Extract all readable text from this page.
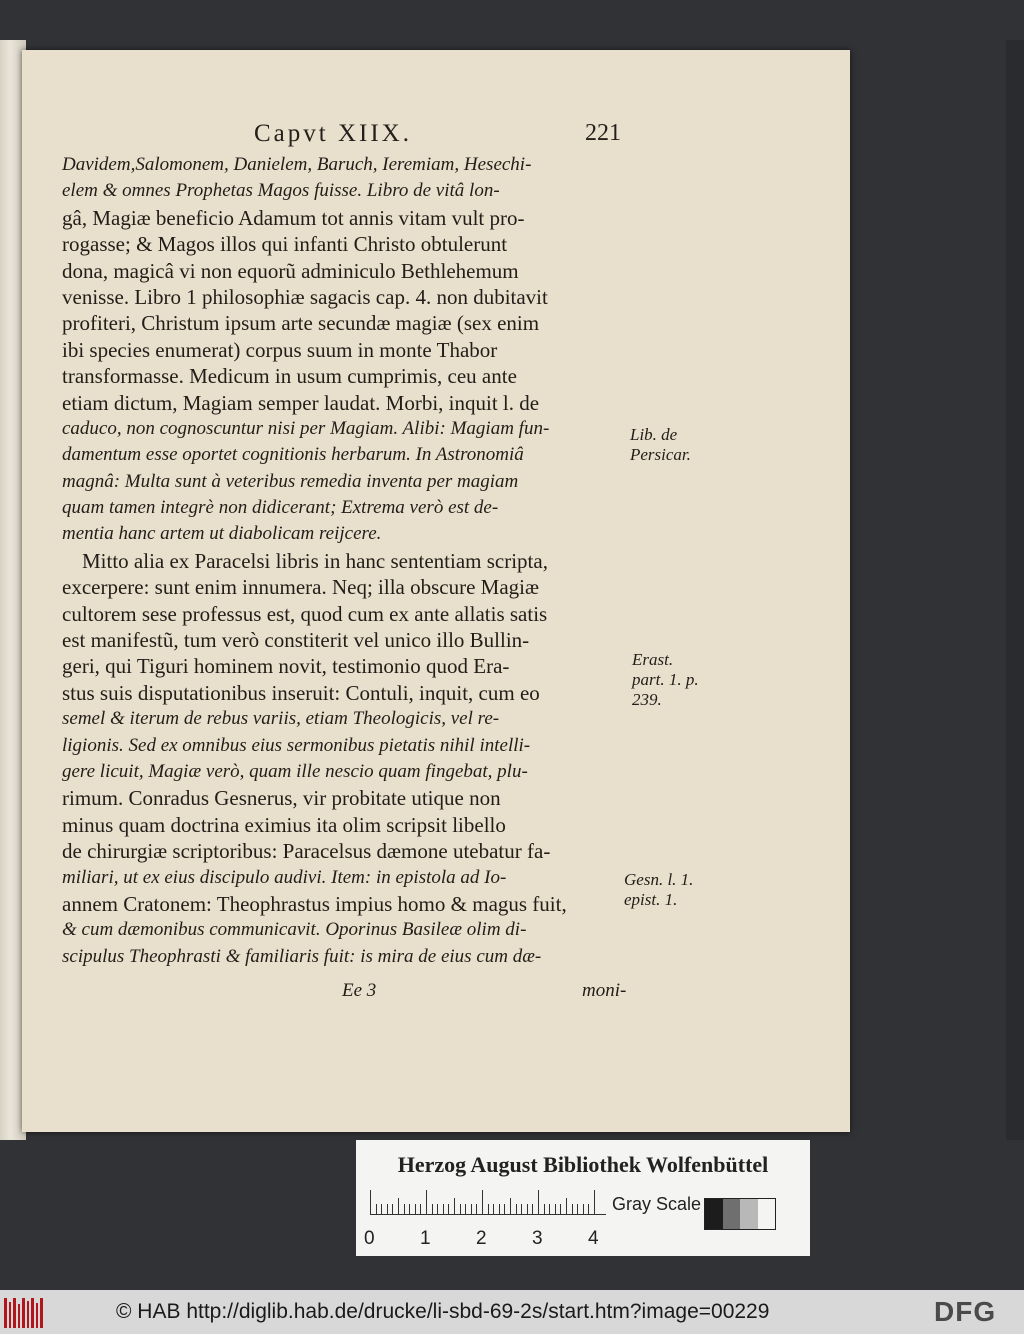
Capvt XIIX.	221
Davidem,Salomonem, Danielem, Baruch, Ieremiam, Hesechi-
elem & omnes Prophetas Magos fuisse. Libro de vitâ lon-
gâ, Magiæ beneficio Adamum tot annis vitam vult pro-
rogasse; & Magos illos qui infanti Christo obtulerunt
dona, magicâ vi non equorũ adminiculo Bethlehemum
venisse. Libro 1 philosophiæ sagacis cap. 4. non dubitavit
profiteri, Christum ipsum arte secundæ magiæ (sex enim
ibi species enumerat) corpus suum in monte Thabor
transformasse. Medicum in usum cumprimis, ceu ante
etiam dictum, Magiam semper laudat. Morbi, inquit l. de
caduco, non cognoscuntur nisi per Magiam. Alibi: Magiam fun-
damentum esse oportet cognitionis herbarum. In Astronomiâ
magnâ: Multa sunt à veteribus remedia inventa per magiam
quam tamen integrè non didicerant; Extrema verò est de-
mentia hanc artem ut diabolicam reijcere.
Mitto alia ex Paracelsi libris in hanc sententiam scripta,
excerpere: sunt enim innumera. Neq; illa obscure Magiæ
cultorem sese professus est, quod cum ex ante allatis satis
est manifestũ, tum verò constiterit vel unico illo Bullin-
geri, qui Tiguri hominem novit, testimonio quod Era-
stus suis disputationibus inseruit: Contuli, inquit, cum eo
semel & iterum de rebus variis, etiam Theologicis, vel re-
ligionis. Sed ex omnibus eius sermonibus pietatis nihil intelli-
gere licuit, Magiæ verò, quam ille nescio quam fingebat, plu-
rimum. Conradus Gesnerus, vir probitate utique non
minus quam doctrina eximius ita olim scripsit libello
de chirurgiæ scriptoribus: Paracelsus dæmone utebatur fa-
miliari, ut ex eius discipulo audivi. Item: in epistola ad Io-
annem Cratonem: Theophrastus impius homo & magus fuit,
& cum dæmonibus communicavit. Oporinus Basileæ olim di-
scipulus Theophrasti & familiaris fuit: is mira de eius cum dæ-
Lib. de
Persicar.
Erast.
part. 1. p.
239.
Gesn. l. 1.
epist. 1.
Ee 3	moni-
Herzog August Bibliothek Wolfenbüttel
0 1 2 3 4
Gray Scale
© HAB http://diglib.hab.de/drucke/li-sbd-69-2s/start.htm?image=00229	DFG
